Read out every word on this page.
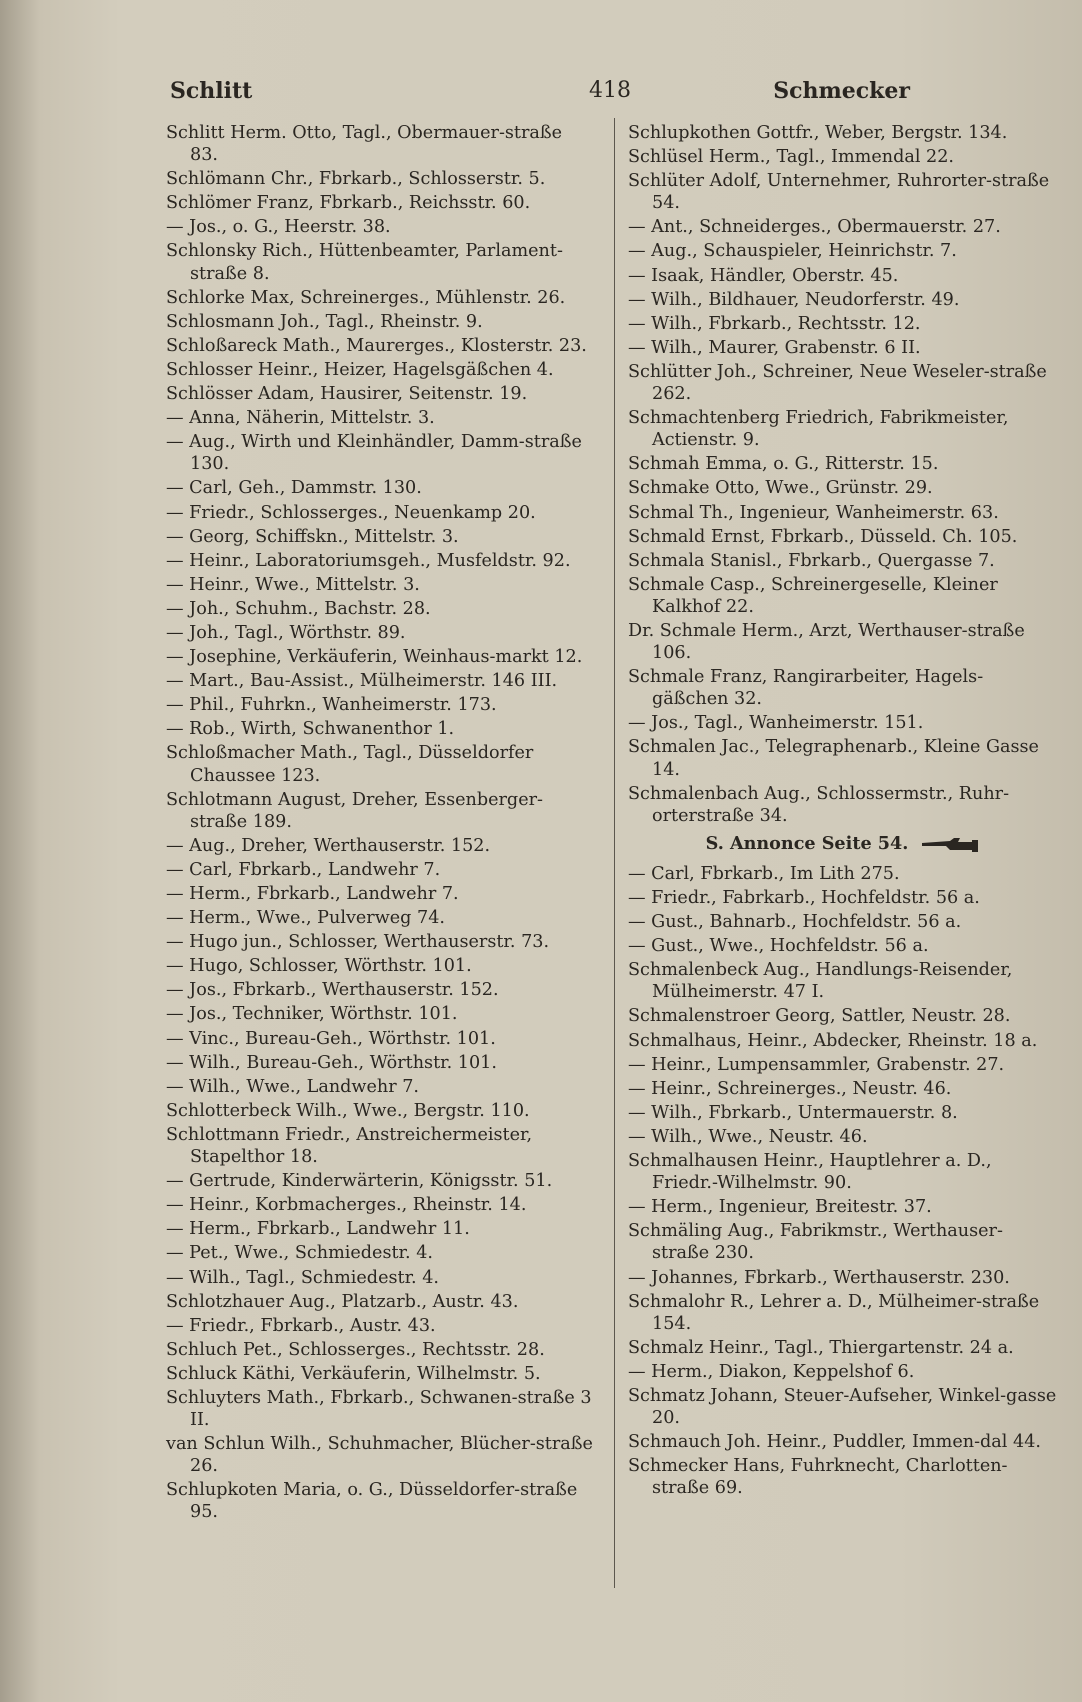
Schlitt	418	Schmecker
Schlitt Herm. Otto, Tagl., Obermauer-straße 83.
Schlömann Chr., Fbrkarb., Schlosserstr. 5.
Schlömer Franz, Fbrkarb., Reichsstr. 60.
— Jos., o. G., Heerstr. 38.
Schlonsky Rich., Hüttenbeamter, Parlament-straße 8.
Schlorke Max, Schreinerges., Mühlenstr. 26.
Schlosmann Joh., Tagl., Rheinstr. 9.
Schloßareck Math., Maurerges., Klosterstr. 23.
Schlosser Heinr., Heizer, Hagelsgäßchen 4.
Schlösser Adam, Hausirer, Seitenstr. 19.
— Anna, Näherin, Mittelstr. 3.
— Aug., Wirth und Kleinhändler, Damm-straße 130.
— Carl, Geh., Dammstr. 130.
— Friedr., Schlosserges., Neuenkamp 20.
— Georg, Schiffskn., Mittelstr. 3.
— Heinr., Laboratoriumsgeh., Musfeldstr. 92.
— Heinr., Wwe., Mittelstr. 3.
— Joh., Schuhm., Bachstr. 28.
— Joh., Tagl., Wörthstr. 89.
— Josephine, Verkäuferin, Weinhaus-markt 12.
— Mart., Bau-Assist., Mülheimerstr. 146 III.
— Phil., Fuhrkn., Wanheimerstr. 173.
— Rob., Wirth, Schwanenthor 1.
Schloßmacher Math., Tagl., Düsseldorfer Chaussee 123.
Schlotmann August, Dreher, Essenberger-straße 189.
— Aug., Dreher, Werthauserstr. 152.
— Carl, Fbrkarb., Landwehr 7.
— Herm., Fbrkarb., Landwehr 7.
— Herm., Wwe., Pulverweg 74.
— Hugo jun., Schlosser, Werthauserstr. 73.
— Hugo, Schlosser, Wörthstr. 101.
— Jos., Fbrkarb., Werthauserstr. 152.
— Jos., Techniker, Wörthstr. 101.
— Vinc., Bureau-Geh., Wörthstr. 101.
— Wilh., Bureau-Geh., Wörthstr. 101.
— Wilh., Wwe., Landwehr 7.
Schlotterbeck Wilh., Wwe., Bergstr. 110.
Schlottmann Friedr., Anstreichermeister, Stapelthor 18.
— Gertrude, Kinderwärterin, Königsstr. 51.
— Heinr., Korbmacherges., Rheinstr. 14.
— Herm., Fbrkarb., Landwehr 11.
— Pet., Wwe., Schmiedestr. 4.
— Wilh., Tagl., Schmiedestr. 4.
Schlotzhauer Aug., Platzarb., Austr. 43.
— Friedr., Fbrkarb., Austr. 43.
Schluch Pet., Schlosserges., Rechtsstr. 28.
Schluck Käthi, Verkäuferin, Wilhelmstr. 5.
Schluyters Math., Fbrkarb., Schwanen-straße 3 II.
van Schlun Wilh., Schuhmacher, Blücher-straße 26.
Schlupkoten Maria, o. G., Düsseldorfer-straße 95.
Schlupkothen Gottfr., Weber, Bergstr. 134.
Schlüsel Herm., Tagl., Immendal 22.
Schlüter Adolf, Unternehmer, Ruhrorter-straße 54.
— Ant., Schneiderges., Obermauerstr. 27.
— Aug., Schauspieler, Heinrichstr. 7.
— Isaak, Händler, Oberstr. 45.
— Wilh., Bildhauer, Neudorferstr. 49.
— Wilh., Fbrkarb., Rechtsstr. 12.
— Wilh., Maurer, Grabenstr. 6 II.
Schlütter Joh., Schreiner, Neue Weseler-straße 262.
Schmachtenberg Friedrich, Fabrikmeister, Actienstr. 9.
Schmah Emma, o. G., Ritterstr. 15.
Schmake Otto, Wwe., Grünstr. 29.
Schmal Th., Ingenieur, Wanheimerstr. 63.
Schmald Ernst, Fbrkarb., Düsseld. Ch. 105.
Schmala Stanisl., Fbrkarb., Quergasse 7.
Schmale Casp., Schreinergeselle, Kleiner Kalkhof 22.
Dr. Schmale Herm., Arzt, Werthauser-straße 106.
Schmale Franz, Rangirarbeiter, Hagels-gäßchen 32.
— Jos., Tagl., Wanheimerstr. 151.
Schmalen Jac., Telegraphenarb., Kleine Gasse 14.
Schmalenbach Aug., Schlossermstr., Ruhr-orterstraße 34.
S. Annonce Seite 54.
— Carl, Fbrkarb., Im Lith 275.
— Friedr., Fabrkarb., Hochfeldstr. 56 a.
— Gust., Bahnarb., Hochfeldstr. 56 a.
— Gust., Wwe., Hochfeldstr. 56 a.
Schmalenbeck Aug., Handlungs-Reisender, Mülheimerstr. 47 I.
Schmalenstroer Georg, Sattler, Neustr. 28.
Schmalhaus, Heinr., Abdecker, Rheinstr. 18 a.
— Heinr., Lumpensammler, Grabenstr. 27.
— Heinr., Schreinerges., Neustr. 46.
— Wilh., Fbrkarb., Untermauerstr. 8.
— Wilh., Wwe., Neustr. 46.
Schmalhausen Heinr., Hauptlehrer a. D., Friedr.-Wilhelmstr. 90.
— Herm., Ingenieur, Breitestr. 37.
Schmäling Aug., Fabrikmstr., Werthauser-straße 230.
— Johannes, Fbrkarb., Werthauserstr. 230.
Schmalohr R., Lehrer a. D., Mülheimer-straße 154.
Schmalz Heinr., Tagl., Thiergartenstr. 24 a.
— Herm., Diakon, Keppelshof 6.
Schmatz Johann, Steuer-Aufseher, Winkel-gasse 20.
Schmauch Joh. Heinr., Puddler, Immen-dal 44.
Schmecker Hans, Fuhrknecht, Charlotten-straße 69.
